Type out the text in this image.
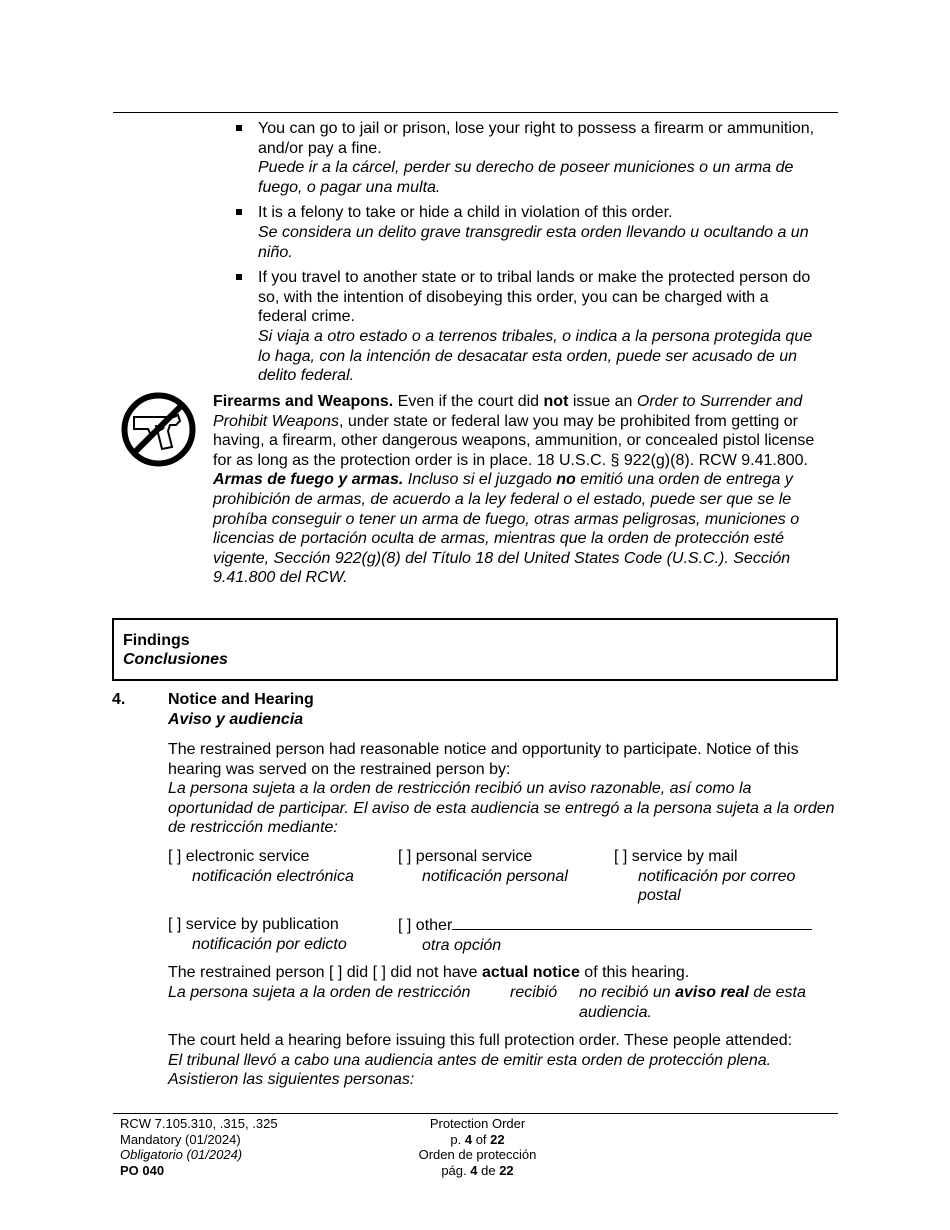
You can go to jail or prison, lose your right to possess a firearm or ammunition, and/or pay a fine.
Puede ir a la cárcel, perder su derecho de poseer municiones o un arma de fuego, o pagar una multa.
It is a felony to take or hide a child in violation of this order.
Se considera un delito grave transgredir esta orden llevando u ocultando a un niño.
If you travel to another state or to tribal lands or make the protected person do so, with the intention of disobeying this order, you can be charged with a federal crime.
Si viaja a otro estado o a terrenos tribales, o indica a la persona protegida que lo haga, con la intención de desacatar esta orden, puede ser acusado de un delito federal.
Firearms and Weapons. Even if the court did not issue an Order to Surrender and Prohibit Weapons, under state or federal law you may be prohibited from getting or having, a firearm, other dangerous weapons, ammunition, or concealed pistol license for as long as the protection order is in place. 18 U.S.C. § 922(g)(8). RCW 9.41.800.
Armas de fuego y armas. Incluso si el juzgado no emitió una orden de entrega y prohibición de armas, de acuerdo a la ley federal o el estado, puede ser que se le prohíba conseguir o tener un arma de fuego, otras armas peligrosas, municiones o licencias de portación oculta de armas, mientras que la orden de protección esté vigente, Sección 922(g)(8) del Título 18 del United States Code (U.S.C.). Sección 9.41.800 del RCW.
Findings
Conclusiones
4.	Notice and Hearing
Aviso y audiencia
The restrained person had reasonable notice and opportunity to participate. Notice of this hearing was served on the restrained person by:
La persona sujeta a la orden de restricción recibió un aviso razonable, así como la oportunidad de participar. El aviso de esta audiencia se entregó a la persona sujeta a la orden de restricción mediante:
[ ] electronic service
notificación electrónica
[ ] personal service
notificación personal
[ ] service by mail
notificación por correo postal
[ ] service by publication
notificación por edicto
[ ] other
otra opción
The restrained person [ ] did [ ] did not have actual notice of this hearing.
La persona sujeta a la orden de restricción	recibió no recibió un aviso real de esta audiencia.
The court held a hearing before issuing this full protection order. These people attended:
El tribunal llevó a cabo una audiencia antes de emitir esta orden de protección plena. Asistieron las siguientes personas:
RCW 7.105.310, .315, .325
Mandatory (01/2024)
Obligatorio (01/2024)
PO 040
Protection Order
p. 4 of 22
Orden de protección
pág. 4 de 22
